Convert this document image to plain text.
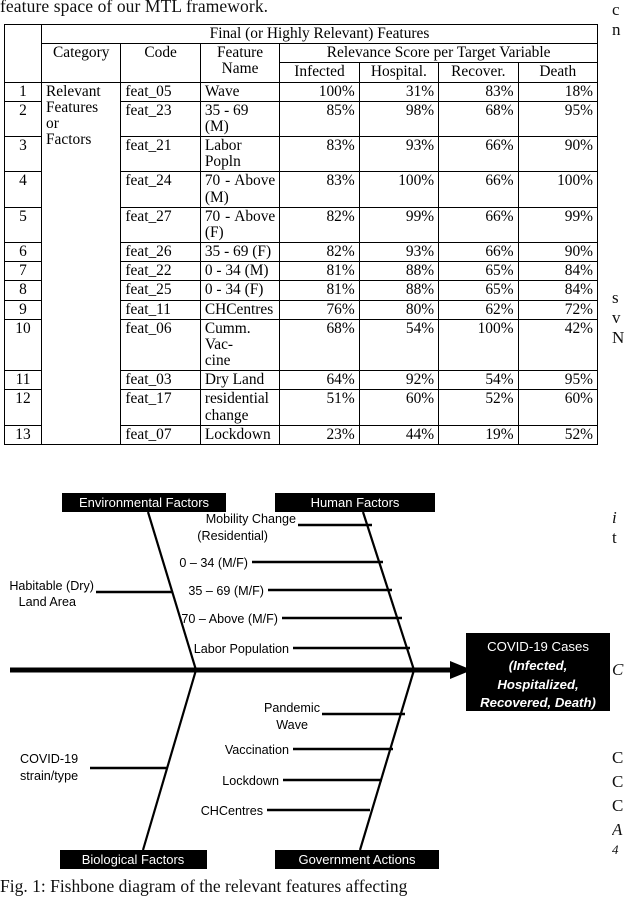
feature space of our MTL framework.	c
n
s
v
N
i
t
C
C
C
C
A
4
	Final (or Highly Relevant) Features						
	Category	Code	Feature Name	Relevance Score per Target Variable			
				Infected	Hospital.	Recover.	Death
1	Relevant
Features
or
Factors	feat_05	Wave	100%	31%	83%	18%
2		feat_23	35 - 69 (M)	85%	98%	68%	95%
3		feat_21	Labor Popln	83%	93%	66%	90%
4		feat_24	70 - Above
(M)	83%	100%	66%	100%
5		feat_27	70 - Above
(F)	82%	99%	66%	99%
6		feat_26	35 - 69 (F)	82%	93%	66%	90%
7		feat_22	0 - 34 (M)	81%	88%	65%	84%
8		feat_25	0 - 34 (F)	81%	88%	65%	84%
9		feat_11	CHCentres	76%	80%	62%	72%
10		feat_06	Cumm. Vac-
cine	68%	54%	100%	42%
11		feat_03	Dry Land	64%	92%	54%	95%
12		feat_17	residential
change	51%	60%	52%	60%
13		feat_07	Lockdown	23%	44%	19%	52%
Environmental Factors	Human Factors
Biological Factors	Government Actions
COVID-19 Cases
(Infected,
Hospitalized,
Recovered, Death)
Habitable (Dry)
Land Area
Mobility Change
(Residential)
0 – 34 (M/F)
35 – 69 (M/F)
70 – Above (M/F)
Labor Population
COVID-19
strain/type
Pandemic
Wave
Vaccination
Lockdown
CHCentres
Fig. 1: Fishbone diagram of the relevant features affecting
